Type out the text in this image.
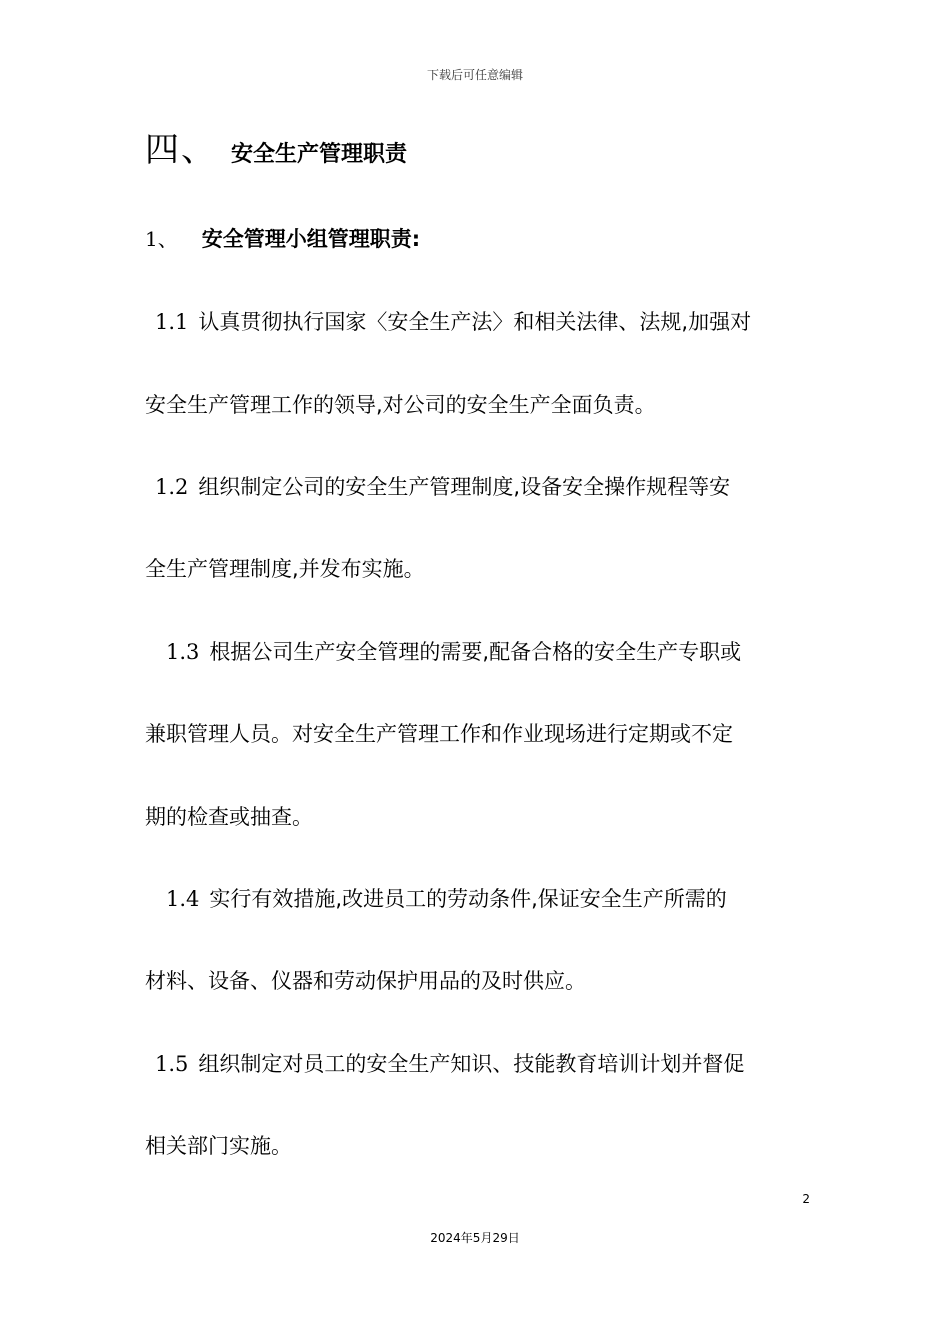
下载后可任意编辑
四、 安全生产管理职责
1、 安全管理小组管理职责:
1.1 认真贯彻执行国家〈安全生产法〉和相关法律、法规,加强对
安全生产管理工作的领导,对公司的安全生产全面负责。
1.2 组织制定公司的安全生产管理制度,设备安全操作规程等安
全生产管理制度,并发布实施。
1.3 根据公司生产安全管理的需要,配备合格的安全生产专职或
兼职管理人员。对安全生产管理工作和作业现场进行定期或不定
期的检查或抽查。
1.4 实行有效措施,改进员工的劳动条件,保证安全生产所需的
材料、设备、仪器和劳动保护用品的及时供应。
1.5 组织制定对员工的安全生产知识、技能教育培训计划并督促
相关部门实施。
2
2024年5月29日
